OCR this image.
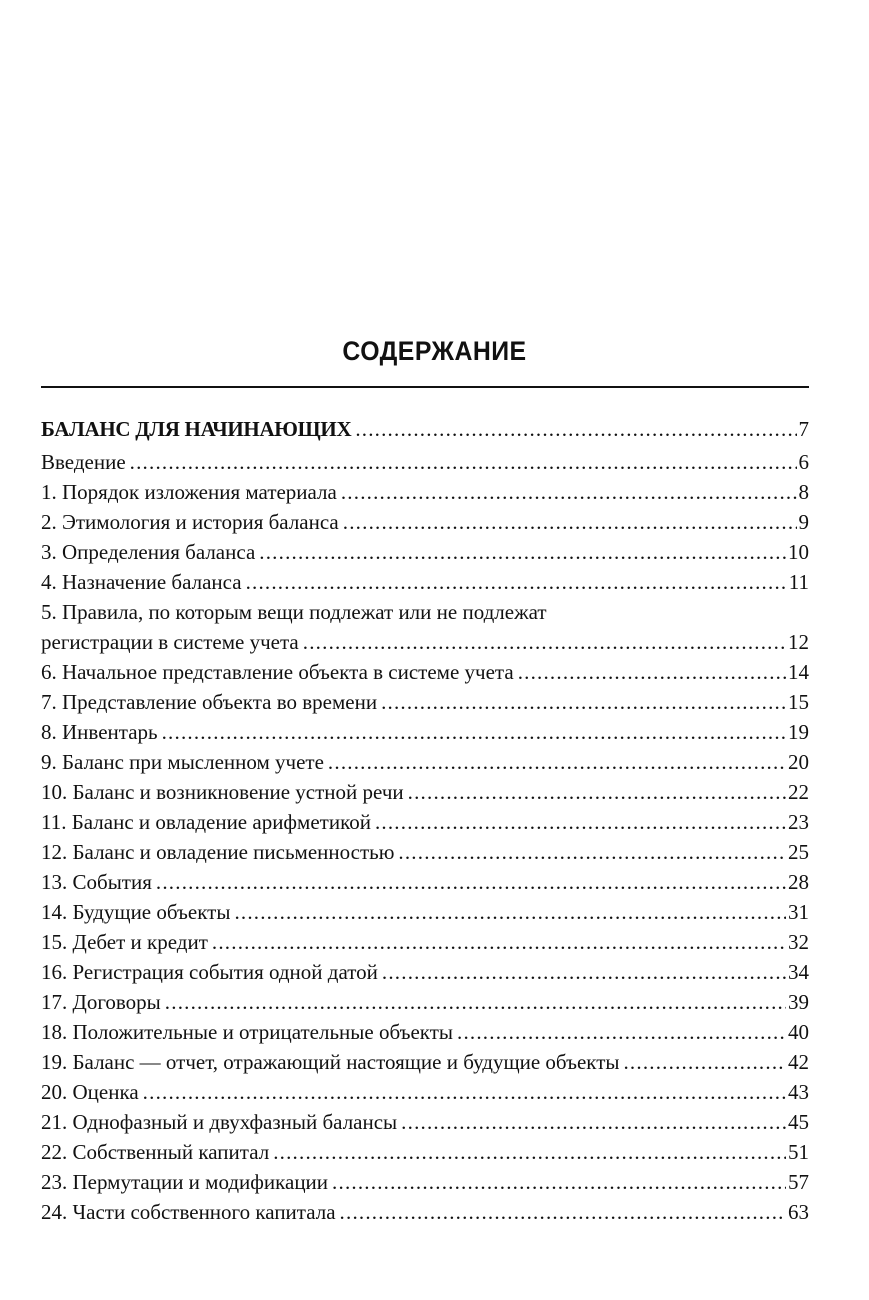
СОДЕРЖАНИЕ
БАЛАНС ДЛЯ НАЧИНАЮЩИХ .....	7
Введение .....	6
1. Порядок изложения материала .....	8
2. Этимология и история баланса .....	9
3. Определения баланса .....	10
4. Назначение баланса .....	11
5. Правила, по которым вещи подлежат или не подлежат
регистрации в системе учета .....	12
6. Начальное представление объекта в системе учета .....	14
7. Представление объекта во времени .....	15
8. Инвентарь .....	19
9. Баланс при мысленном учете .....	20
10. Баланс и возникновение устной речи .....	22
11. Баланс и овладение арифметикой .....	23
12. Баланс и овладение письменностью .....	25
13. События .....	28
14. Будущие объекты .....	31
15. Дебет и кредит .....	32
16. Регистрация события одной датой .....	34
17. Договоры .....	39
18. Положительные и отрицательные объекты .....	40
19. Баланс — отчет, отражающий настоящие и будущие объекты .....	42
20. Оценка .....	43
21. Однофазный и двухфазный балансы .....	45
22. Собственный капитал .....	51
23. Пермутации и модификации .....	57
24. Части собственного капитала .....	63
